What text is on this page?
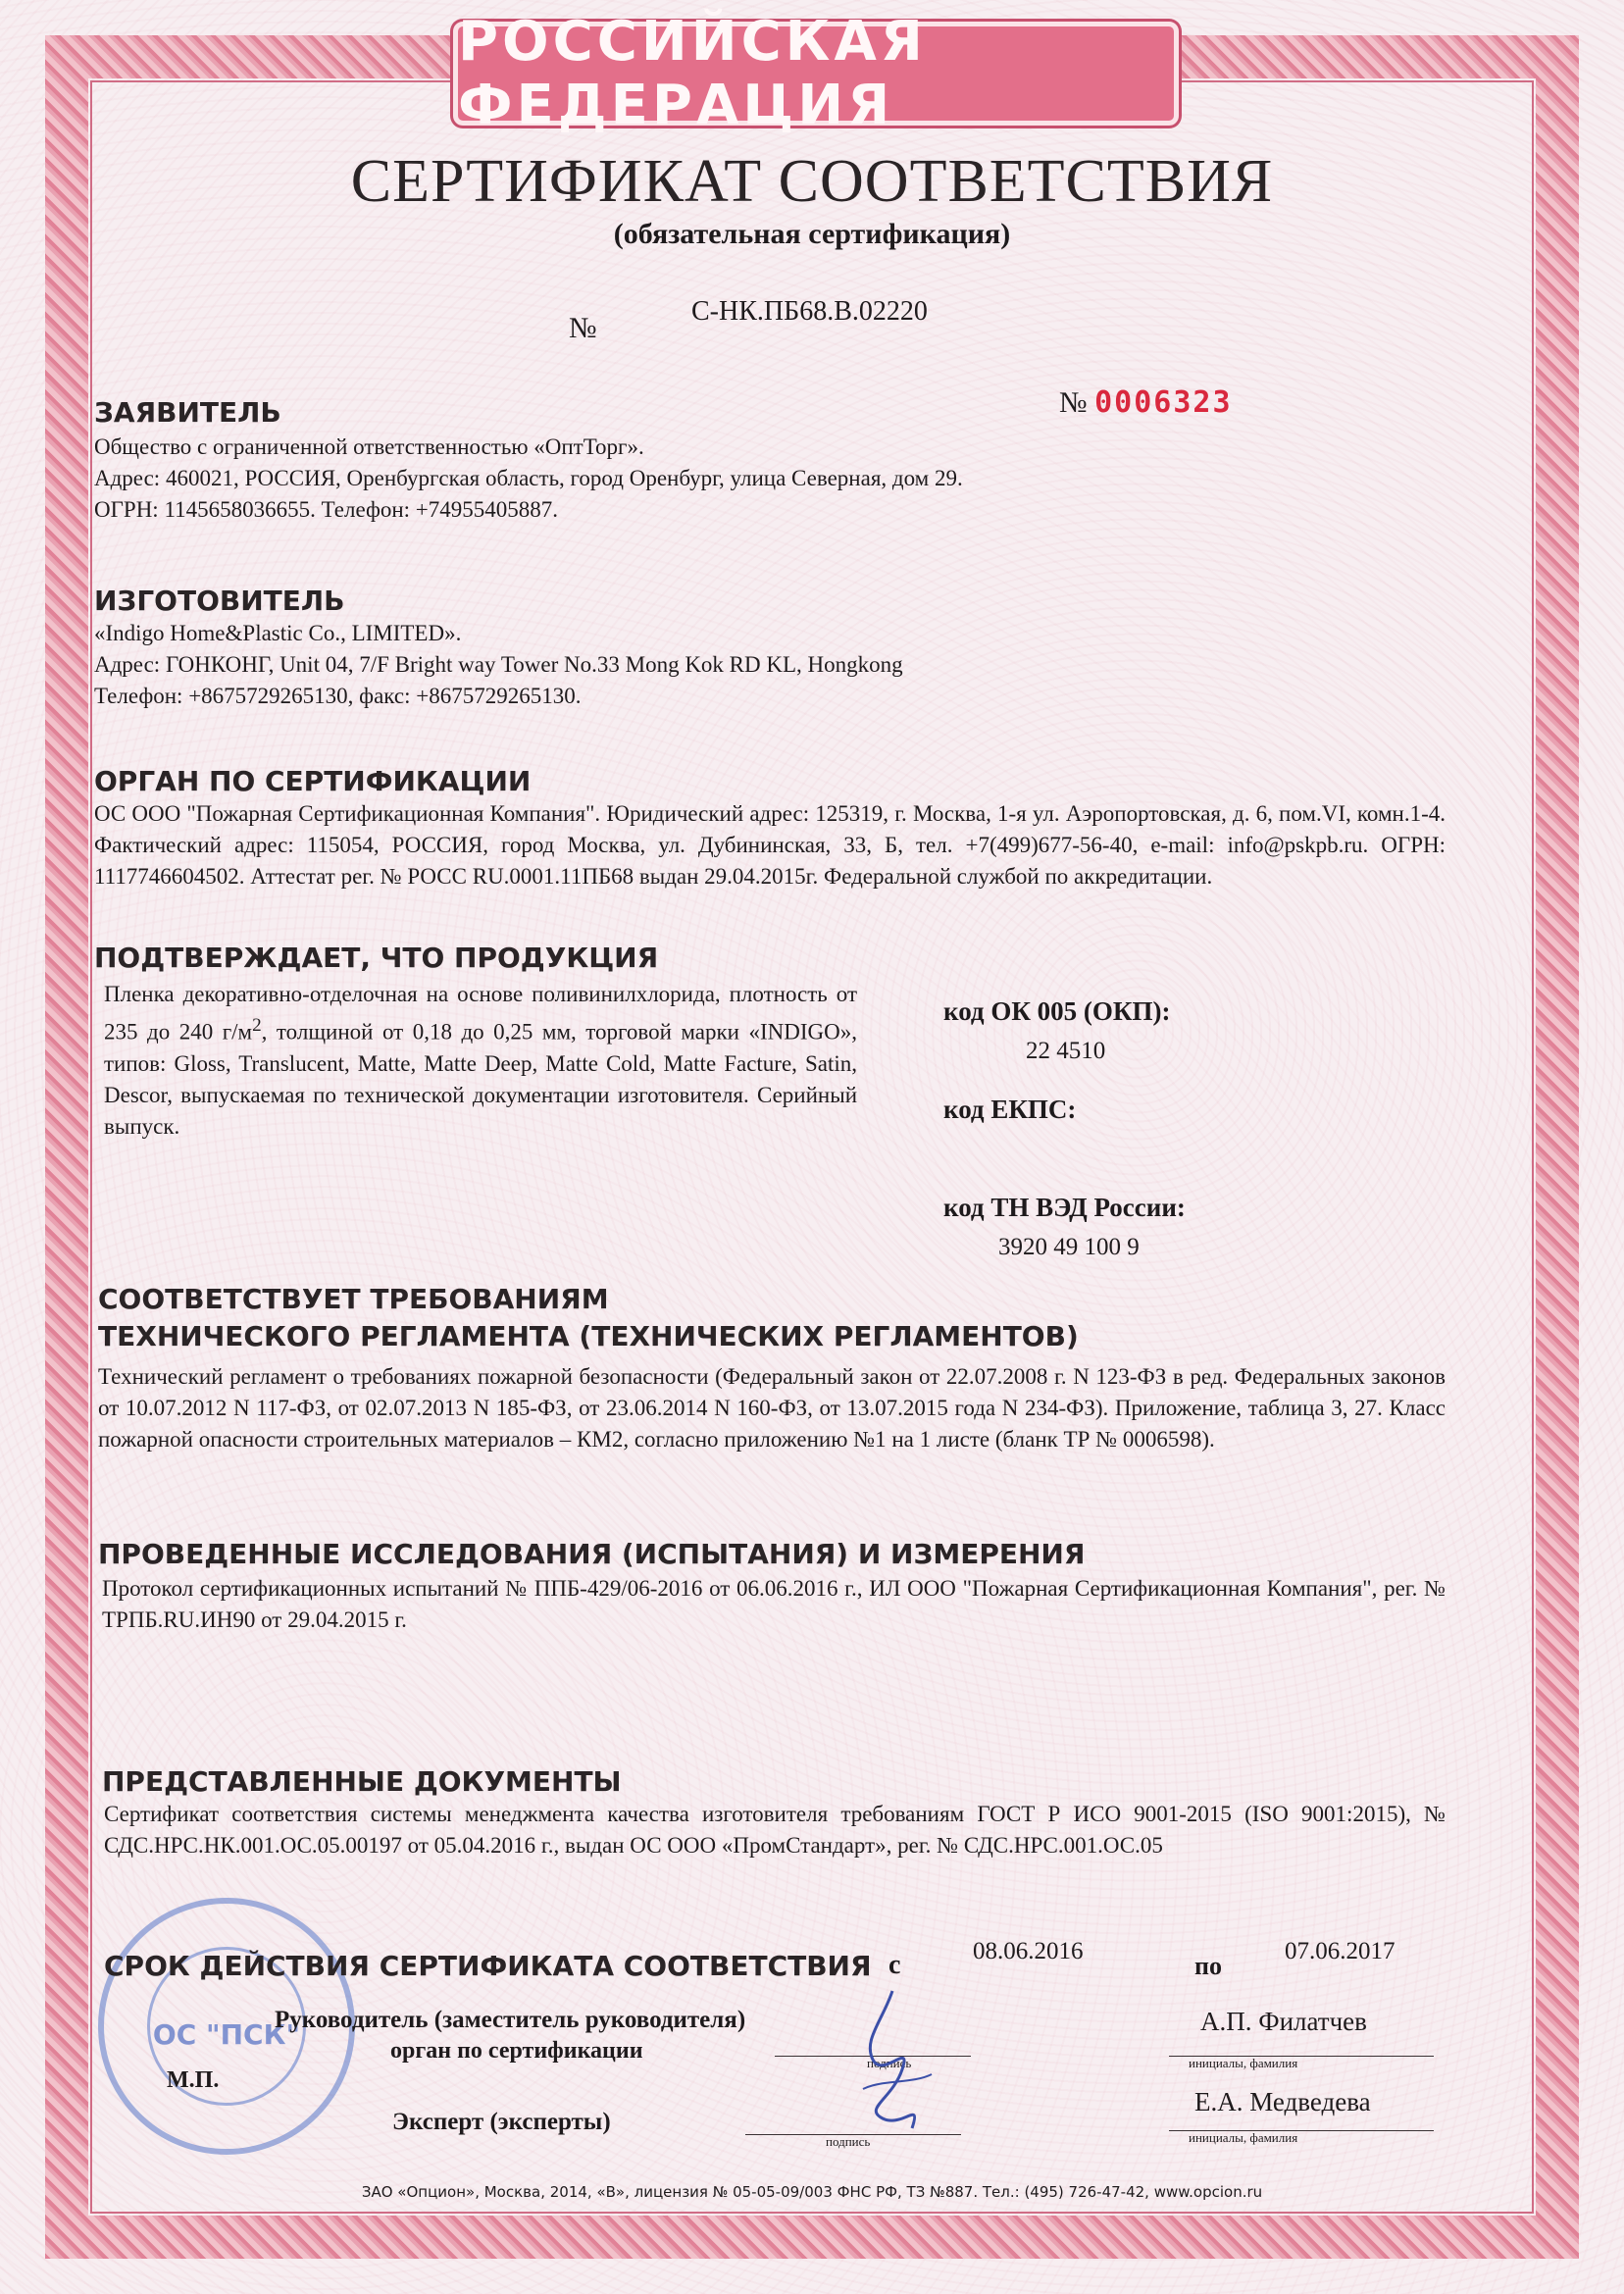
РОССИЙСКАЯ ФЕДЕРАЦИЯ
СЕРТИФИКАТ СООТВЕТСТВИЯ
(обязательная сертификация)
№
С-НК.ПБ68.В.02220
№ 0006323
ЗАЯВИТЕЛЬ
Общество с ограниченной ответственностью «ОптТорг».
Адрес: 460021, РОССИЯ, Оренбургская область, город Оренбург, улица Северная, дом 29.
ОГРН: 1145658036655. Телефон: +74955405887.
ИЗГОТОВИТЕЛЬ
«Indigo Home&Plastic Co., LIMITED».
Адрес: ГОНКОНГ, Unit 04, 7/F Bright way Tower No.33 Mong Kok RD KL, Hongkong
Телефон: +8675729265130, факс: +8675729265130.
ОРГАН ПО СЕРТИФИКАЦИИ
ОС ООО "Пожарная Сертификационная Компания". Юридический адрес: 125319, г. Москва, 1-я ул. Аэропортовская, д. 6, пом.VI, комн.1-4. Фактический адрес: 115054, РОССИЯ, город Москва, ул. Дубининская, 33, Б, тел. +7(499)677-56-40, e-mail: info@pskpb.ru. ОГРН: 1117746604502. Аттестат рег. № РОСС RU.0001.11ПБ68 выдан 29.04.2015г. Федеральной службой по аккредитации.
ПОДТВЕРЖДАЕТ, ЧТО ПРОДУКЦИЯ
Пленка декоративно-отделочная на основе поливинилхлорида, плотность от 235 до 240 $г/м^2$, толщиной от 0,18 до 0,25 мм, торговой марки «INDIGO», типов: Gloss, Translucent, Matte, Matte Deep, Matte Cold, Matte Facture, Satin, Descor, выпускаемая по технической документации изготовителя. Серийный выпуск.
код ОК 005 (ОКП):
22 4510
код ЕКПС:
код ТН ВЭД России:
3920 49 100 9
СООТВЕТСТВУЕТ ТРЕБОВАНИЯМ
ТЕХНИЧЕСКОГО РЕГЛАМЕНТА (ТЕХНИЧЕСКИХ РЕГЛАМЕНТОВ)
Технический регламент о требованиях пожарной безопасности (Федеральный закон от 22.07.2008 г. N 123-ФЗ в ред. Федеральных законов от 10.07.2012 N 117-ФЗ, от 02.07.2013 N 185-ФЗ, от 23.06.2014 N 160-ФЗ, от 13.07.2015 года N 234-ФЗ). Приложение, таблица 3, 27. Класс пожарной опасности строительных материалов – КМ2, согласно приложению №1 на 1 листе (бланк ТР № 0006598).
ПРОВЕДЕННЫЕ ИССЛЕДОВАНИЯ (ИСПЫТАНИЯ) И ИЗМЕРЕНИЯ
Протокол сертификационных испытаний № ППБ-429/06-2016 от 06.06.2016 г., ИЛ ООО "Пожарная Сертификационная Компания", рег. № ТРПБ.RU.ИН90 от 29.04.2015 г.
ПРЕДСТАВЛЕННЫЕ ДОКУМЕНТЫ
Сертификат соответствия системы менеджмента качества изготовителя требованиям ГОСТ Р ИСО 9001-2015 (ISO 9001:2015), № СДС.НРС.НК.001.ОС.05.00197 от 05.04.2016 г., выдан ОС ООО «ПромСтандарт», рег. № СДС.НРС.001.ОС.05
ОС "ПСК"
СРОК ДЕЙСТВИЯ СЕРТИФИКАТА СООТВЕТСТВИЯ с	08.06.2016
по
07.06.2017
Руководитель (заместитель руководителя)
орган по сертификации
А.П. Филатчев
подпись	инициалы, фамилия
М.П.
Эксперт (эксперты)
Е.А. Медведева
подпись	инициалы, фамилия
ЗАО «Опцион», Москва, 2014, «В», лицензия № 05-05-09/003 ФНС РФ, ТЗ №887. Тел.: (495) 726-47-42, www.opcion.ru
